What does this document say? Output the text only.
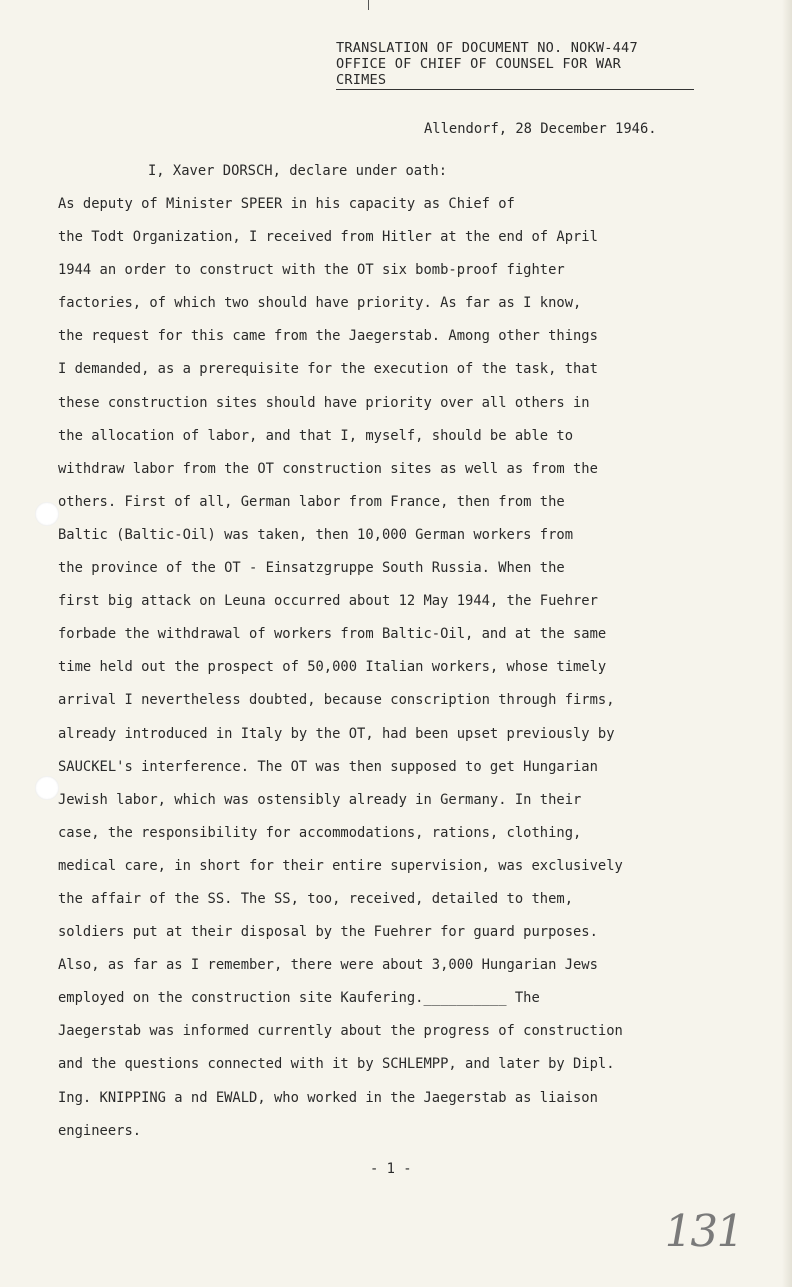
TRANSLATION OF DOCUMENT NO. NOKW-447
OFFICE OF CHIEF OF COUNSEL FOR WAR
CRIMES
Allendorf, 28 December 1946.
I, Xaver DORSCH, declare under oath:
As deputy of Minister SPEER in his capacity as Chief of
the Todt Organization, I received from Hitler at the end of April
1944 an order to construct with the OT six bomb-proof fighter
factories, of which two should have priority. As far as I know,
the request for this came from the Jaegerstab. Among other things
I demanded, as a prerequisite for the execution of the task, that
these construction sites should have priority over all others in
the allocation of labor, and that I, myself, should be able to
withdraw labor from the OT construction sites as well as from the
others. First of all, German labor from France, then from the
Baltic (Baltic-Oil) was taken, then 10,000 German workers from
the province of the OT - Einsatzgruppe South Russia. When the
first big attack on Leuna occurred about 12 May 1944, the Fuehrer
forbade the withdrawal of workers from Baltic-Oil, and at the same
time held out the prospect of 50,000 Italian workers, whose timely
arrival I nevertheless doubted, because conscription through firms,
already introduced in Italy by the OT, had been upset previously by
SAUCKEL's interference. The OT was then supposed to get Hungarian
Jewish labor, which was ostensibly already in Germany. In their
case, the responsibility for accommodations, rations, clothing,
medical care, in short for their entire supervision, was exclusively
the affair of the SS. The SS, too, received, detailed to them,
soldiers put at their disposal by the Fuehrer for guard purposes.
Also, as far as I remember, there were about 3,000 Hungarian Jews
employed on the construction site Kaufering.__________ The
Jaegerstab was informed currently about the progress of construction
and the questions connected with it by SCHLEMPP, and later by Dipl.
Ing. KNIPPING a nd EWALD, who worked in the Jaegerstab as liaison
engineers.
- 1 -
131
